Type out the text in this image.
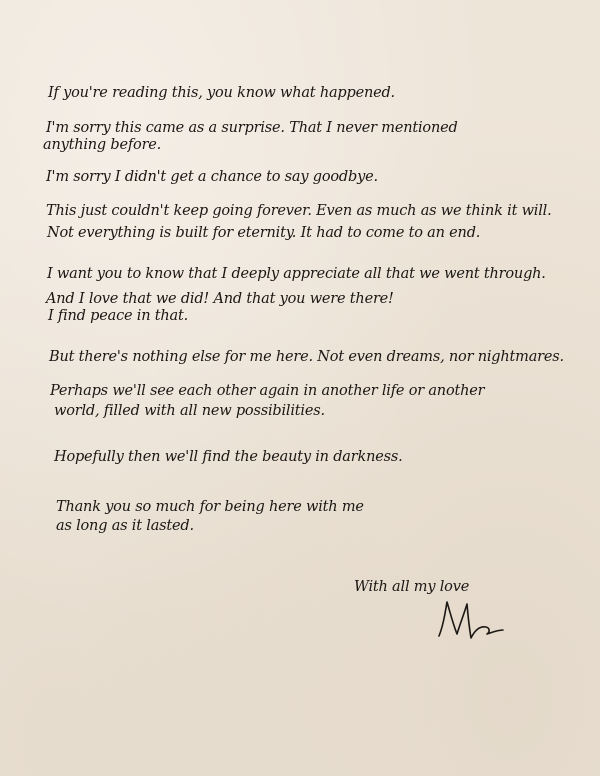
If you're reading this, you know what happened.
I'm sorry this came as a surprise. That I never mentioned
anything before.
I'm sorry I didn't get a chance to say goodbye.
This just couldn't keep going forever. Even as much as we think it will.
Not everything is built for eternity. It had to come to an end.
I want you to know that I deeply appreciate all that we went through.
And I love that we did! And that you were there!
I find peace in that.
But there's nothing else for me here. Not even dreams, nor nightmares.
Perhaps we'll see each other again in another life or another
world, filled with all new possibilities.
Hopefully then we'll find the beauty in darkness.
Thank you so much for being here with me
as long as it lasted.
With all my love
